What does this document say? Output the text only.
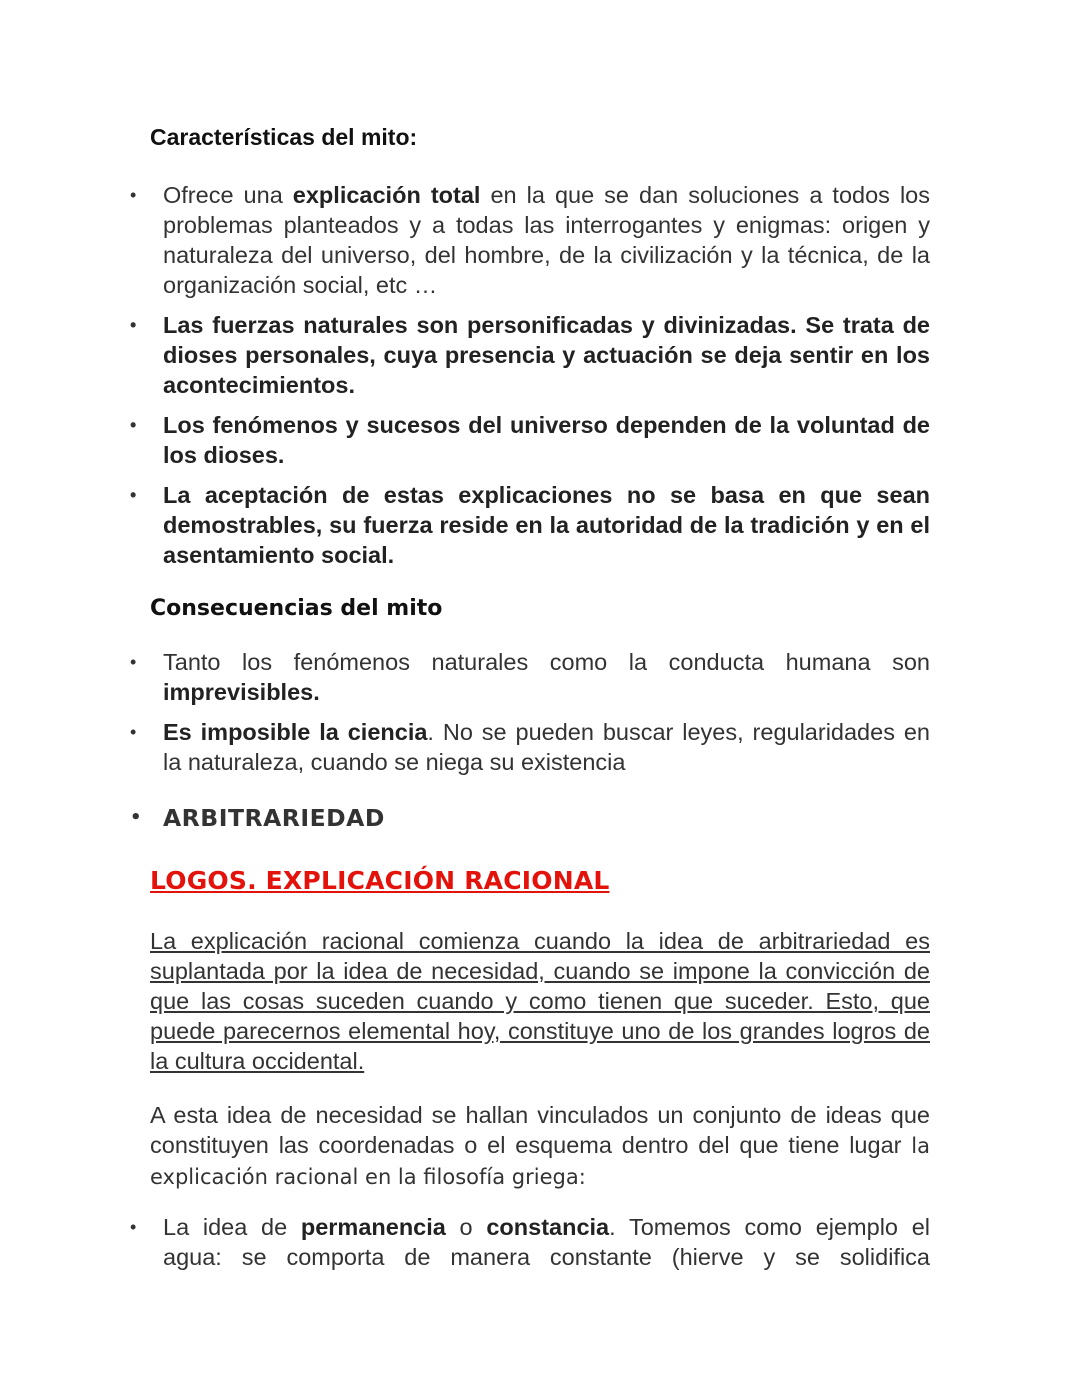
Características del mito:
• Ofrece una explicación total en la que se dan soluciones a todos los problemas planteados y a todas las interrogantes y enigmas: origen y naturaleza del universo, del hombre, de la civilización y la técnica, de la organización social, etc …
• Las fuerzas naturales son personificadas y divinizadas. Se trata de dioses personales, cuya presencia y actuación se deja sentir en los acontecimientos.
• Los fenómenos y sucesos del universo dependen de la voluntad de los dioses.
• La aceptación de estas explicaciones no se basa en que sean demostrables, su fuerza reside en la autoridad de la tradición y en el asentamiento social.
Consecuencias del mito
• Tanto los fenómenos naturales como la conducta humana son imprevisibles.
• Es imposible la ciencia. No se pueden buscar leyes, regularidades en la naturaleza, cuando se niega su existencia
• ARBITRARIEDAD
LOGOS. EXPLICACIÓN RACIONAL

La explicación racional comienza cuando la idea de arbitrariedad es suplantada por la idea de necesidad, cuando se impone la convicción de que las cosas suceden cuando y como tienen que suceder. Esto, que puede parecernos elemental hoy, constituye uno de los grandes logros de la cultura occidental.

A esta idea de necesidad se hallan vinculados un conjunto de ideas que constituyen las coordenadas o el esquema dentro del que tiene lugar la explicación racional en la filosofía griega:

• La idea de permanencia o constancia. Tomemos como ejemplo el agua: se comporta de manera constante (hierve y se solidifica
